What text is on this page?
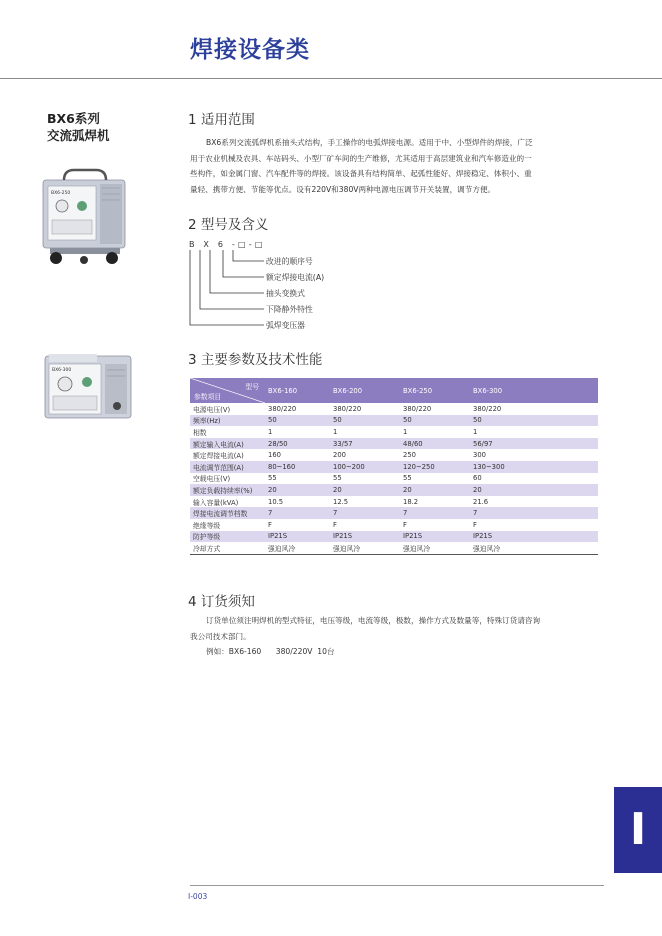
焊接设备类
BX6系列
交流弧焊机
BX6-250
BX6-300
1 适用范围
BX6系列交流弧焊机系抽头式结构，手工操作的电弧焊接电源。适用于中、小型焊件的焊接，广泛
用于农业机械及农具、车站码头、小型厂矿车间的生产维修，尤其适用于高层建筑业和汽车修造业的一
些构件，如金属门窗、汽车配件等的焊接。该设备具有结构简单、起弧性能好、焊接稳定、体积小、重
量轻、携带方便、节能等优点。设有220V和380V两种电源电压调节开关装置，调节方便。
2 型号及含义
B X 6 -□-□
改进的顺序号
额定焊接电流(A)
抽头变换式
下降静外特性
弧焊变压器
3 主要参数及技术性能
型号
参数项目	BX6-160	BX6-200	BX6-250	BX6-300
电源电压(V)	380/220	380/220	380/220	380/220
频率(Hz)	50	50	50	50
相数	1	1	1	1
额定输入电流(A)	28/50	33/57	48/60	56/97
额定焊接电流(A)	160	200	250	300
电流调节范围(A)	80~160	100~200	120~250	130~300
空载电压(V)	55	55	55	60
额定负载持续率(%)	20	20	20	20
输入容量(kVA)	10.5	12.5	18.2	21.6
焊接电流调节档数	7	7	7	7
绝缘等级	F	F	F	F
防护等级	IP21S	IP21S	IP21S	IP21S
冷却方式	强迫风冷	强迫风冷	强迫风冷	强迫风冷
4 订货须知
订货单位须注明焊机的型式特征，电压等级，电流等级，极数，操作方式及数量等，特殊订货请咨询
我公司技术部门。
例如：BX6-160      380/220V  10台
I
I-003
